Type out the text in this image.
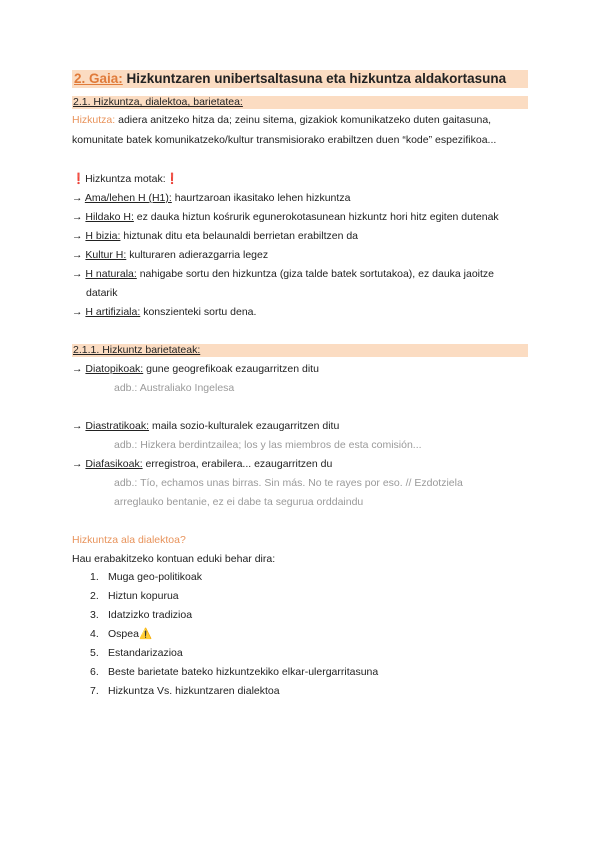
2. Gaia: Hizkuntzaren unibertsaltasuna eta hizkuntza aldakortasuna
2.1. Hizkuntza, dialektoa, barietatea:
Hizkutza: adiera anitzeko hitza da; zeinu sitema, gizakiok komunikatzeko duten gaitasuna,
komunitate batek komunikatzeko/kultur transmisiorako erabiltzen duen “kode” espezifikoa...
❗Hizkuntza motak:❗
→ Ama/lehen H (H1): haurtzaroan ikasitako lehen hizkuntza
→ Hildako H: ez dauka hiztun kośrurik egunerokotasunean hizkuntz hori hitz egiten dutenak
→ H bizia: hiztunak ditu eta belaunaldi berrietan erabiltzen da
→ Kultur H: kulturaren adierazgarria legez
→ H naturala: nahigabe sortu den hizkuntza (giza talde batek sortutakoa), ez dauka jaoitze
datarik
→ H artifiziala: konszienteki sortu dena.
2.1.1. Hizkuntz barietateak:
→ Diatopikoak: gune geogrefikoak ezaugarritzen ditu
adb.: Australiako Ingelesa
→ Diastratikoak: maila sozio-kulturalek ezaugarritzen ditu
adb.: Hizkera berdintzailea; los y las miembros de esta comisión...
→ Diafasikoak: erregistroa, erabilera... ezaugarritzen du
adb.: Tío, echamos unas birras. Sin más. No te rayes por eso. // Ezdotziela
arreglauko bentanie, ez ei dabe ta segurua orddaindu
Hizkuntza ala dialektoa?
Hau erabakitzeko kontuan eduki behar dira:
1. Muga geo-politikoak
2. Hiztun kopurua
3. Idatzizko tradizioa
4. Ospea⚠️
5. Estandarizazioa
6. Beste barietate bateko hizkuntzekiko elkar-ulergarritasuna
7. Hizkuntza Vs. hizkuntzaren dialektoa
